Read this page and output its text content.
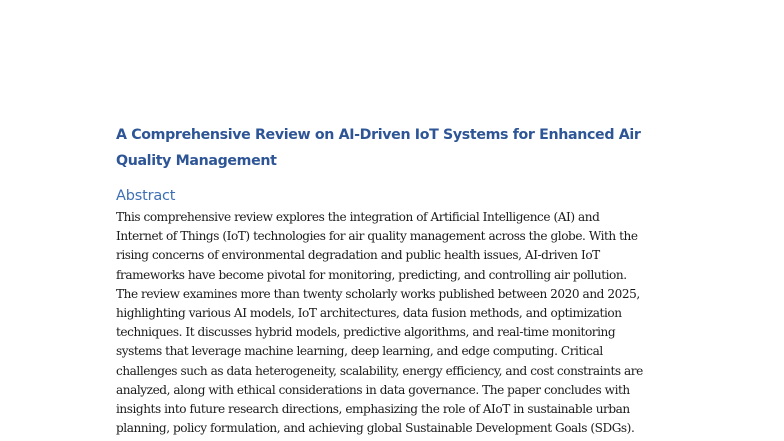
A Comprehensive Review on AI-Driven IoT Systems for Enhanced Air
Quality Management
Abstract
This comprehensive review explores the integration of Artificial Intelligence (AI) and
Internet of Things (IoT) technologies for air quality management across the globe. With the
rising concerns of environmental degradation and public health issues, AI-driven IoT
frameworks have become pivotal for monitoring, predicting, and controlling air pollution.
The review examines more than twenty scholarly works published between 2020 and 2025,
highlighting various AI models, IoT architectures, data fusion methods, and optimization
techniques. It discusses hybrid models, predictive algorithms, and real-time monitoring
systems that leverage machine learning, deep learning, and edge computing. Critical
challenges such as data heterogeneity, scalability, energy efficiency, and cost constraints are
analyzed, along with ethical considerations in data governance. The paper concludes with
insights into future research directions, emphasizing the role of AIoT in sustainable urban
planning, policy formulation, and achieving global Sustainable Development Goals (SDGs).
